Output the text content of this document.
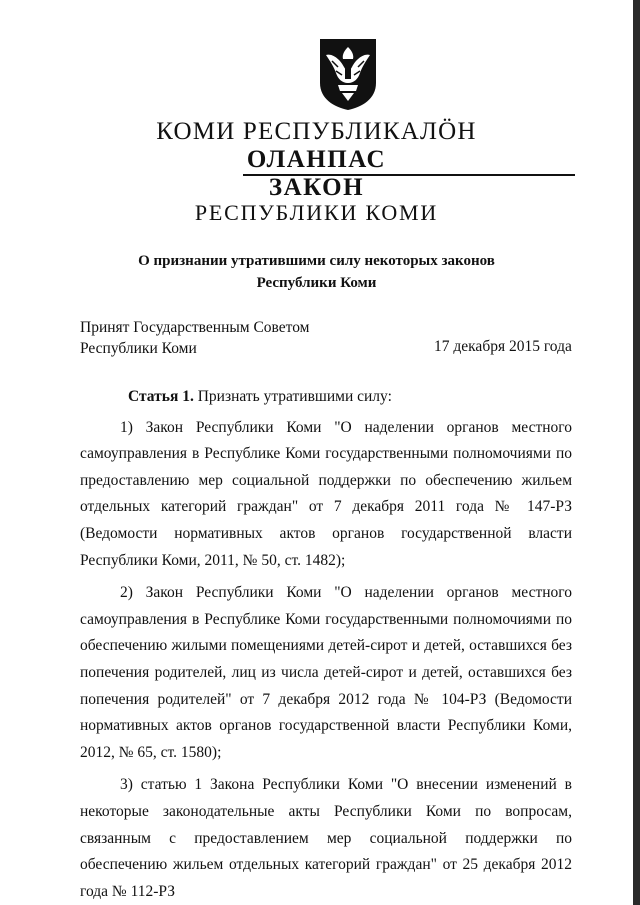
КОМИ РЕСПУБЛИКАЛӦН
ОЛАНПАС
ЗАКОН
РЕСПУБЛИКИ КОМИ
О признании утратившими силу некоторых законов
Республики Коми
Принят Государственным Советом
Республики Коми	17 декабря 2015 года

Статья 1. Признать утратившими силу:

1) Закон Республики Коми "О наделении органов местного самоуправления в Республике Коми государственными полномочиями по предоставлению мер социальной поддержки по обеспечению жильем отдельных категорий граждан" от 7 декабря 2011 года № 147-РЗ (Ведомости нормативных актов органов государственной власти Республики Коми, 2011, № 50, ст. 1482);

2) Закон Республики Коми "О наделении органов местного самоуправления в Республике Коми государственными полномочиями по обеспечению жилыми помещениями детей-сирот и детей, оставшихся без попечения родителей, лиц из числа детей-сирот и детей, оставшихся без попечения родителей" от 7 декабря 2012 года № 104-РЗ (Ведомости нормативных актов органов государственной власти Республики Коми, 2012, № 65, ст. 1580);

3) статью 1 Закона Республики Коми "О внесении изменений в некоторые законодательные акты Республики Коми по вопросам, связанным с предоставлением мер социальной поддержки по обеспечению жильем отдельных категорий граждан" от 25 декабря 2012 года № 112-РЗ
